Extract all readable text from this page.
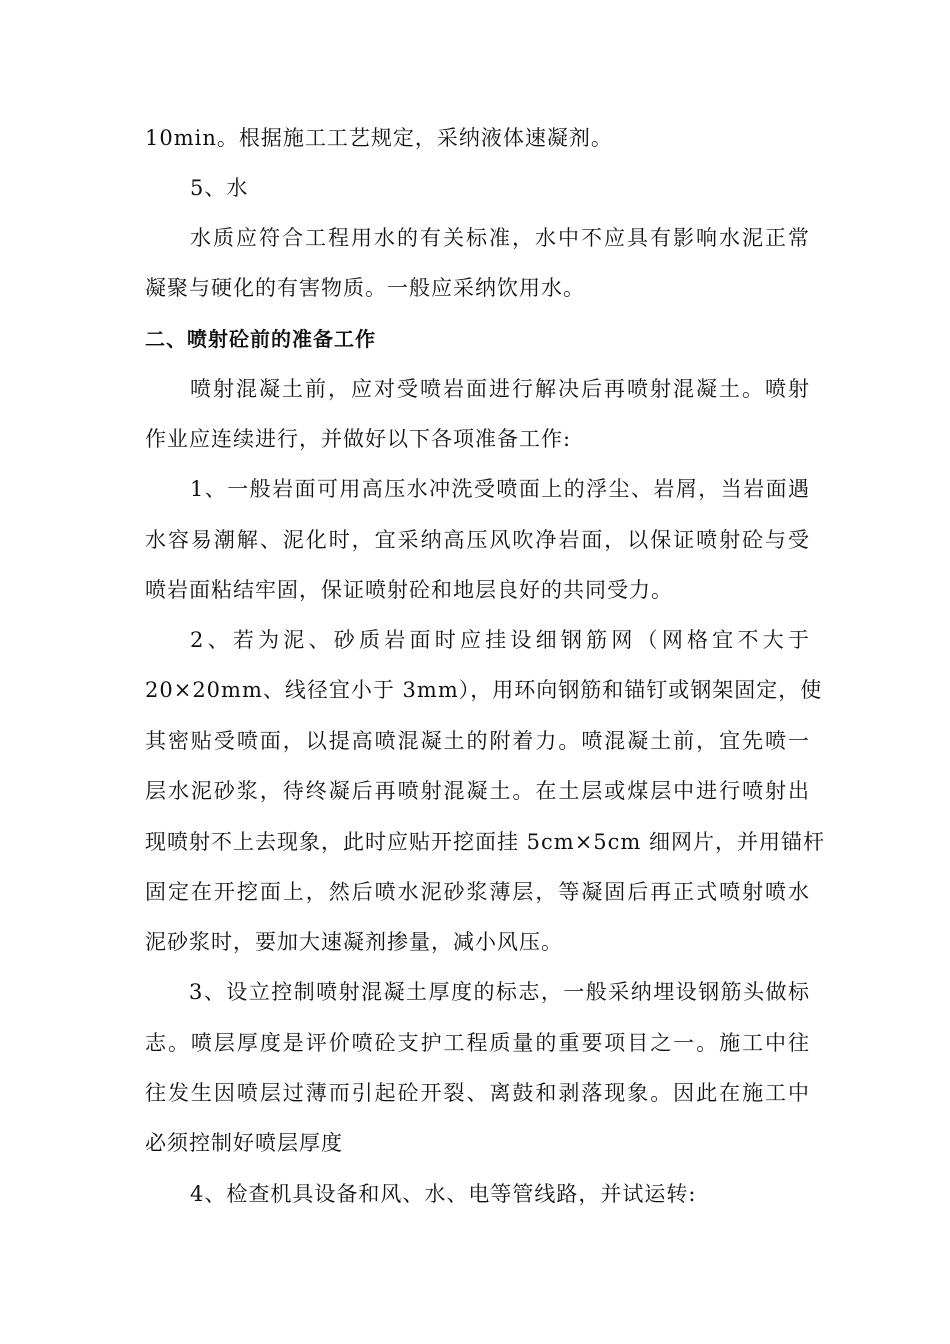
10min。根据施工工艺规定，采纳液体速凝剂。
5、水
水质应符合工程用水的有关标准，水中不应具有影响水泥正常
凝聚与硬化的有害物质。一般应采纳饮用水。
二、喷射砼前的准备工作
喷射混凝土前，应对受喷岩面进行解决后再喷射混凝土。喷射
作业应连续进行，并做好以下各项准备工作:
1、一般岩面可用高压水冲洗受喷面上的浮尘、岩屑，当岩面遇
水容易潮解、泥化时，宜采纳高压风吹净岩面，以保证喷射砼与受
喷岩面粘结牢固，保证喷射砼和地层良好的共同受力。
2、若为泥、砂质岩面时应挂设细钢筋网（网格宜不大于
20×20mm、线径宜小于 3mm），用环向钢筋和锚钉或钢架固定，使
其密贴受喷面，以提高喷混凝土的附着力。喷混凝土前，宜先喷一
层水泥砂浆，待终凝后再喷射混凝土。在土层或煤层中进行喷射出
现喷射不上去现象，此时应贴开挖面挂 5cm×5cm 细网片，并用锚杆
固定在开挖面上，然后喷水泥砂浆薄层，等凝固后再正式喷射喷水
泥砂浆时，要加大速凝剂掺量，减小风压。
3、设立控制喷射混凝土厚度的标志，一般采纳埋设钢筋头做标
志。喷层厚度是评价喷砼支护工程质量的重要项目之一。施工中往
往发生因喷层过薄而引起砼开裂、离鼓和剥落现象。因此在施工中
必须控制好喷层厚度
4、检查机具设备和风、水、电等管线路，并试运转:
